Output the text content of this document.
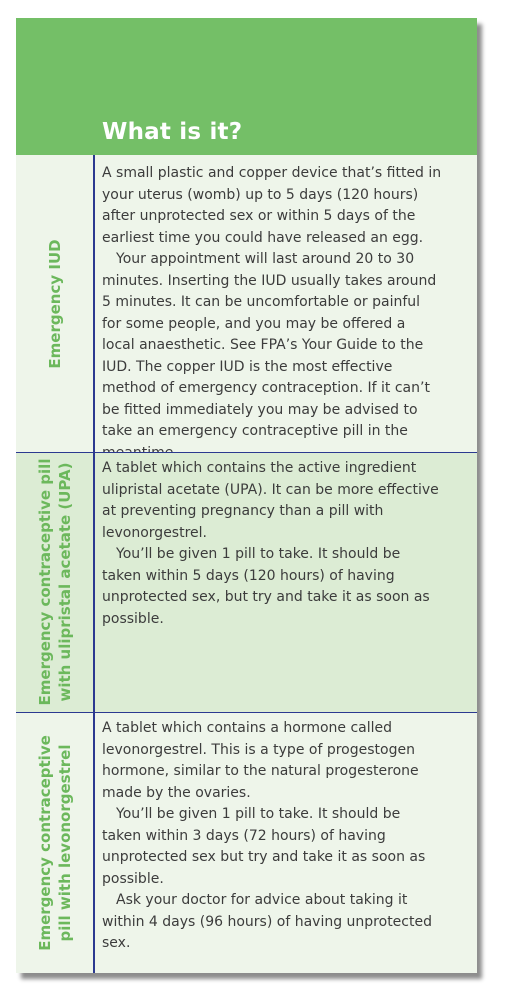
What is it?
Emergency IUD

A small plastic and copper device that’s fitted in your uterus (womb) up to 5 days (120 hours) after unprotected sex or within 5 days of the earliest time you could have released an egg.

Your appointment will last around 20 to 30 minutes. Inserting the IUD usually takes around 5 minutes. It can be uncomfortable or painful for some people, and you may be offered a local anaesthetic. See FPA’s Your Guide to the IUD. The copper IUD is the most effective method of emergency contraception. If it can’t be fitted immediately you may be advised to take an emergency contraceptive pill in the

Emergency contraceptive pill with ulipristal acetate (UPA) A tablet which contains the active ingredient ulipristal acetate (UPA). It can be more effective at preventing pregnancy than a pill with levonorgestrel.

You’ll be given 1 pill to take. It should be taken within 5 days (120 hours) of having unprotected sex, but try and take it as soon as possible.

Emergency contraceptive pill with levonorgestrel

A tablet which contains a hormone called levonorgestrel. This is a type of progestogen hormone, similar to the natural progesterone made by the ovaries.

You’ll be given 1 pill to take. It should be taken within 3 days (72 hours) of having unprotected sex but try and take it as soon as possible.

Ask your doctor for advice about taking it within 4 days (96 hours) of having unprotected sex.
